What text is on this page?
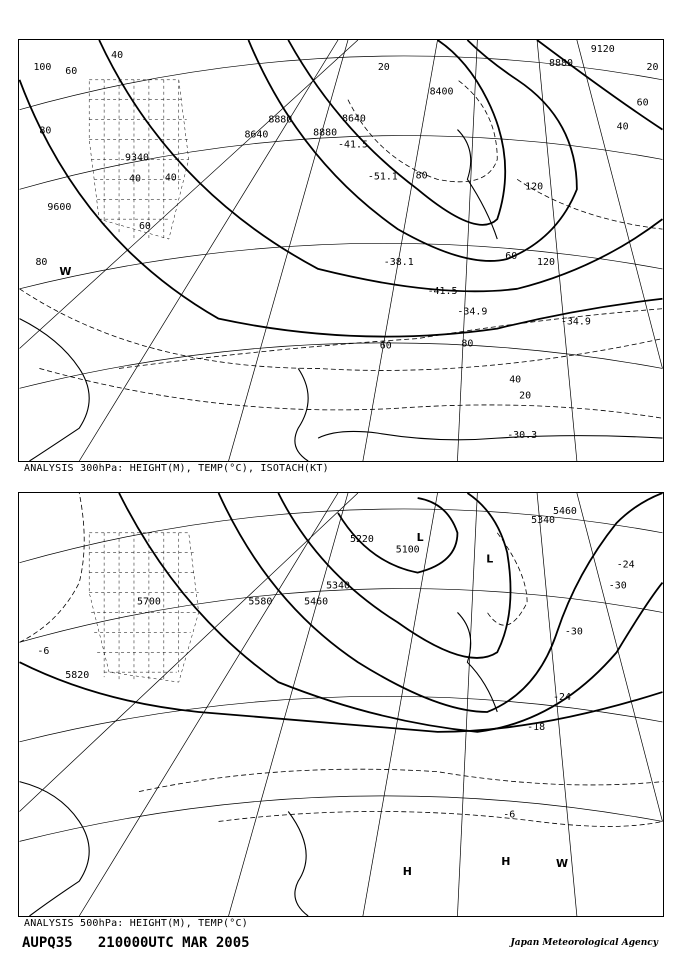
9120
8880
8640
8400
9600
9340
8880
8640
8880
100 60
40
20
80
120
60
40
20
40	80
120
60
80
60
40
20
40
60
80
-34.9
-41.5
-51.1
-41.5
-38.1
-34.9
-30.3
W
ANALYSIS 300hPa: HEIGHT(M), TEMP(°C), ISOTACH(KT)
5460
5340
5220
5100
5460
5340
5580
5700
5820
-24
-30
-30
-24
-18
-6
-6
L
L
H
H	W
ANALYSIS 500hPa: HEIGHT(M), TEMP(°C)
AUPQ35   210000UTC MAR 2005	Japan Meteorological Agency
